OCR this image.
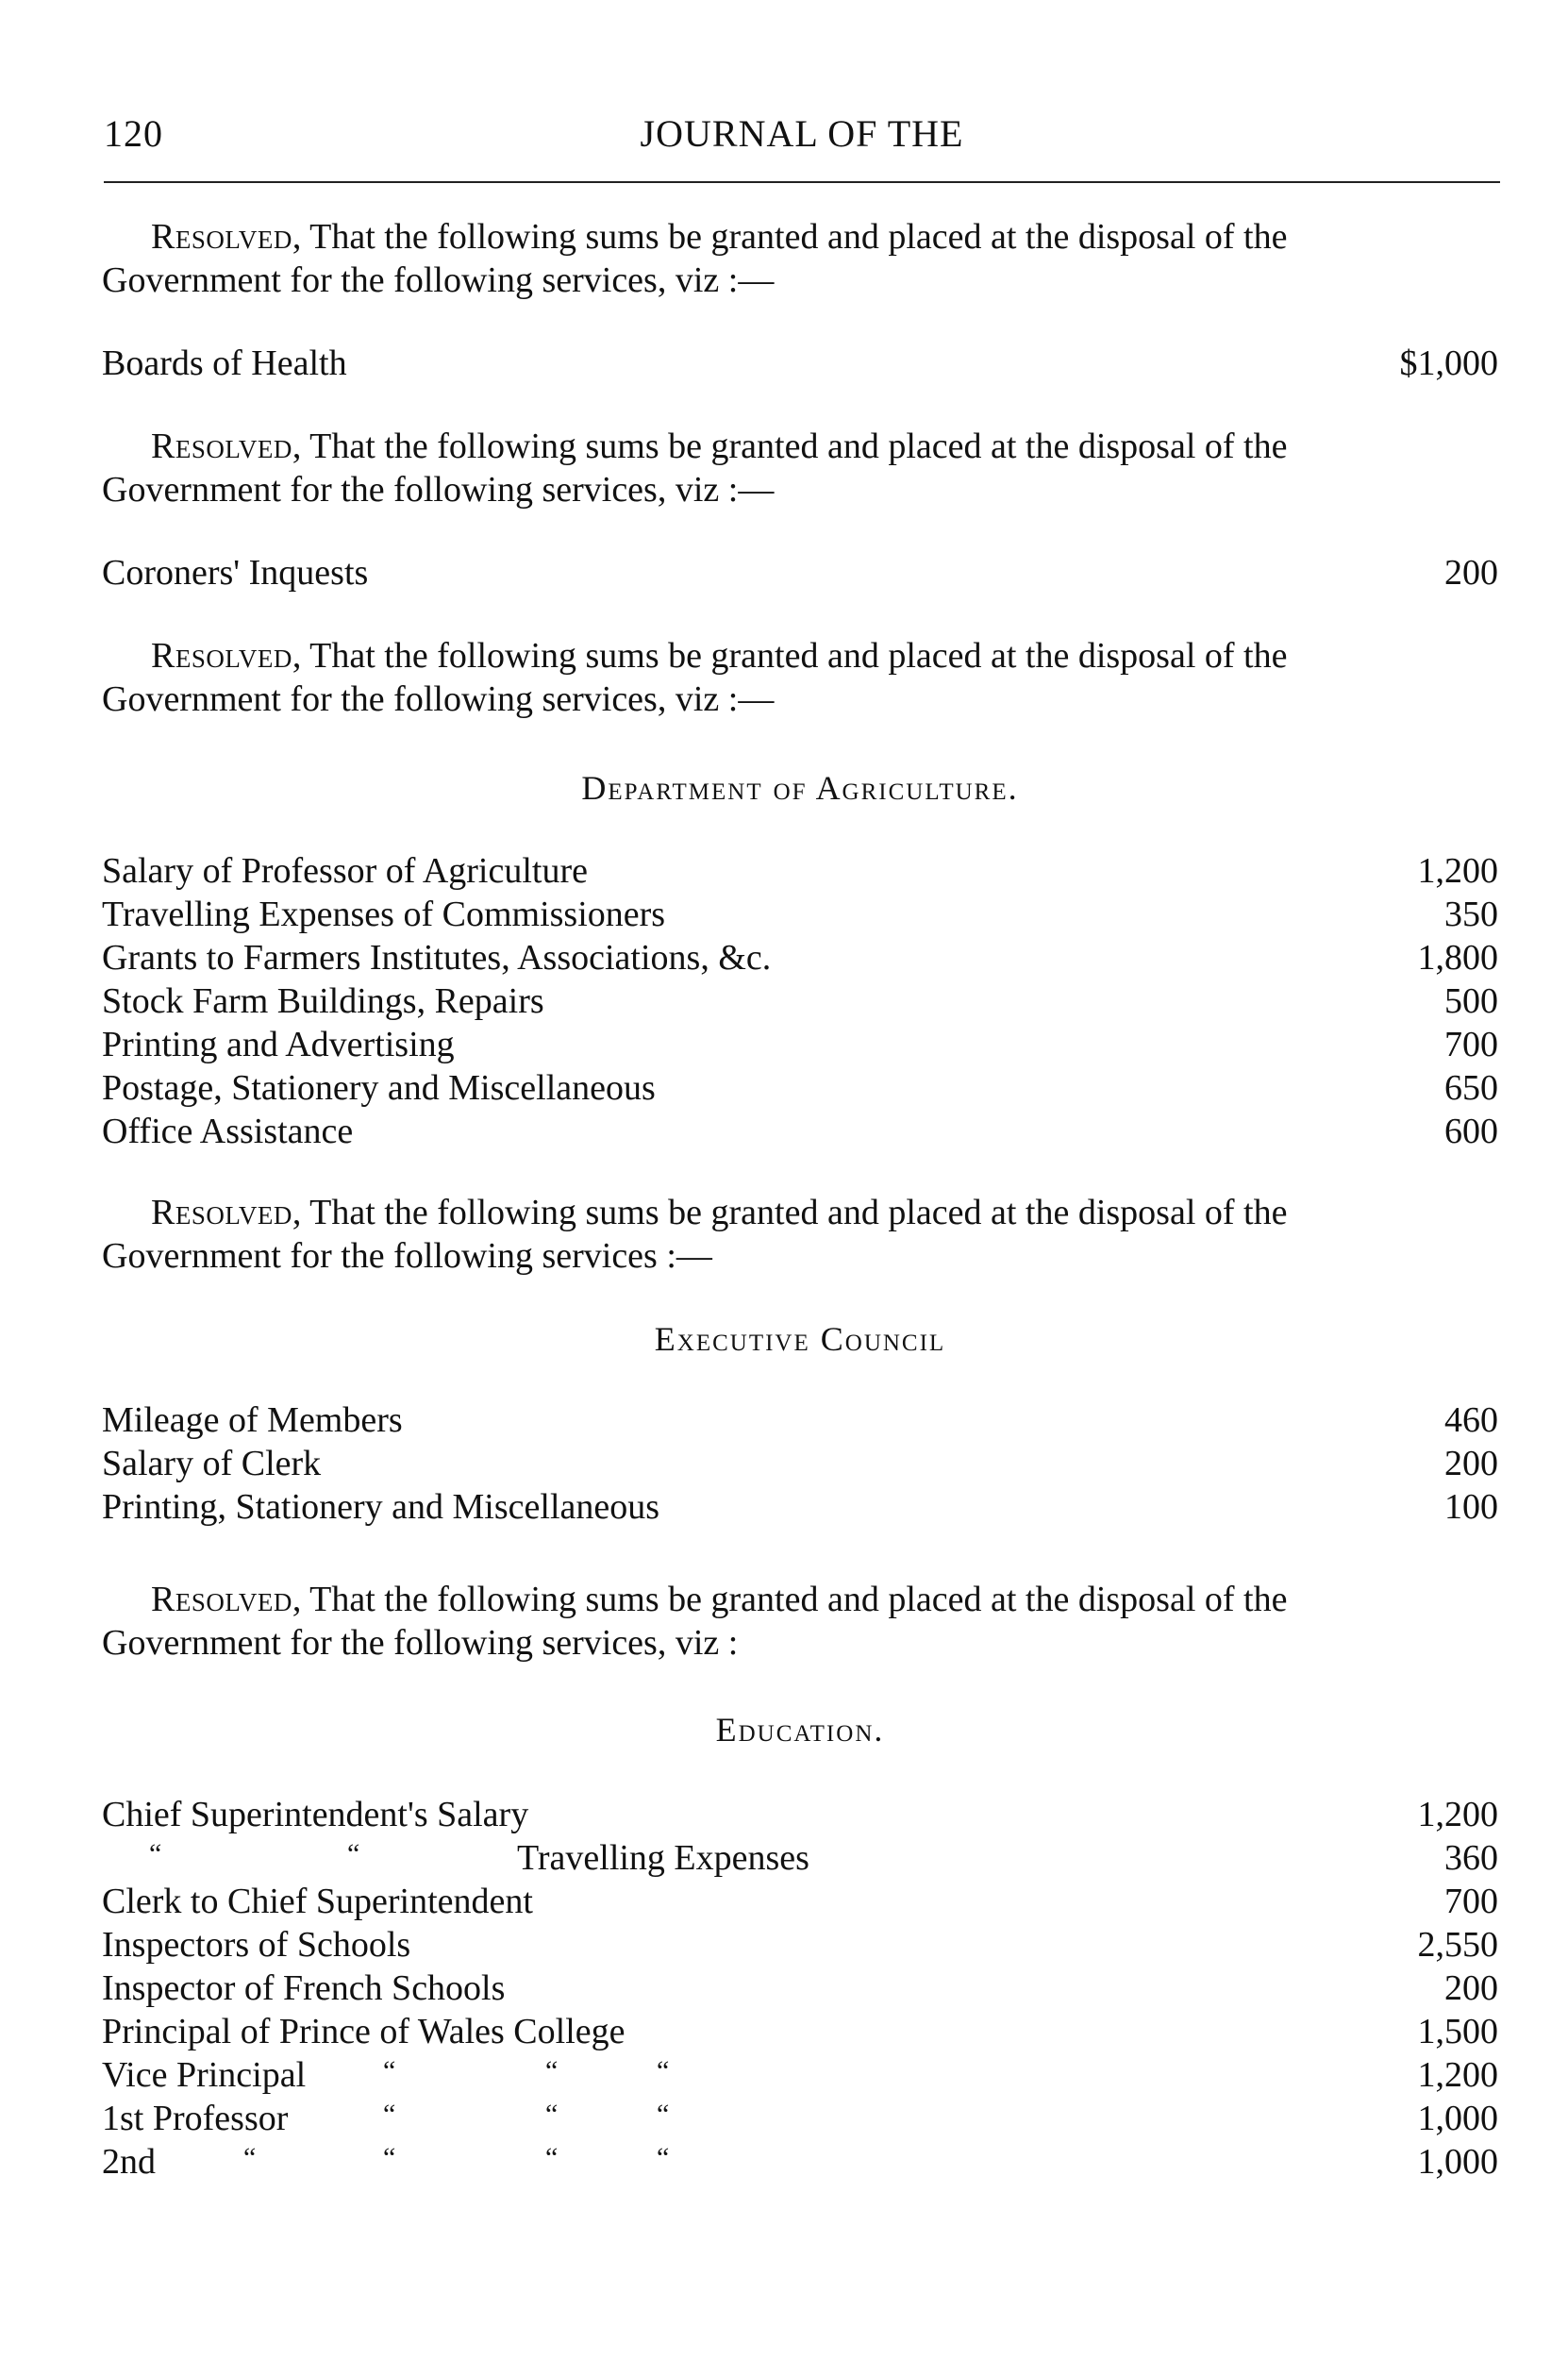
120	JOURNAL OF THE

Resolved, That the following sums be granted and placed at the disposal of the Government for the following services, viz :—

Boards of Health	$1,000

Resolved, That the following sums be granted and placed at the disposal of the Government for the following services, viz :—

Coroners' Inquests	200

Resolved, That the following sums be granted and placed at the disposal of the Government for the following services, viz :—

Department of Agriculture.
Salary of Professor of Agriculture	1,200
Travelling Expenses of Commissioners	350
Grants to Farmers Institutes, Associations, &c.	1,800
Stock Farm Buildings, Repairs	500
Printing and Advertising	700
Postage, Stationery and Miscellaneous	650
Office Assistance	600

Resolved, That the following sums be granted and placed at the disposal of the Government for the following services :—

Executive Council
Mileage of Members	460
Salary of Clerk	200
Printing, Stationery and Miscellaneous	100

Resolved, That the following sums be granted and placed at the disposal of the Government for the following services, viz :

Education.
Chief Superintendent's Salary	1,200
“	“	Travelling Expenses	360
Clerk to Chief Superintendent	700
Inspectors of Schools	2,550
Inspector of French Schools	200
Principal of Prince of Wales College	1,500
Vice Principal	“	“	“	1,200
1st Professor	“	“	“	1,000
2nd	“	“	“	“	1,000
